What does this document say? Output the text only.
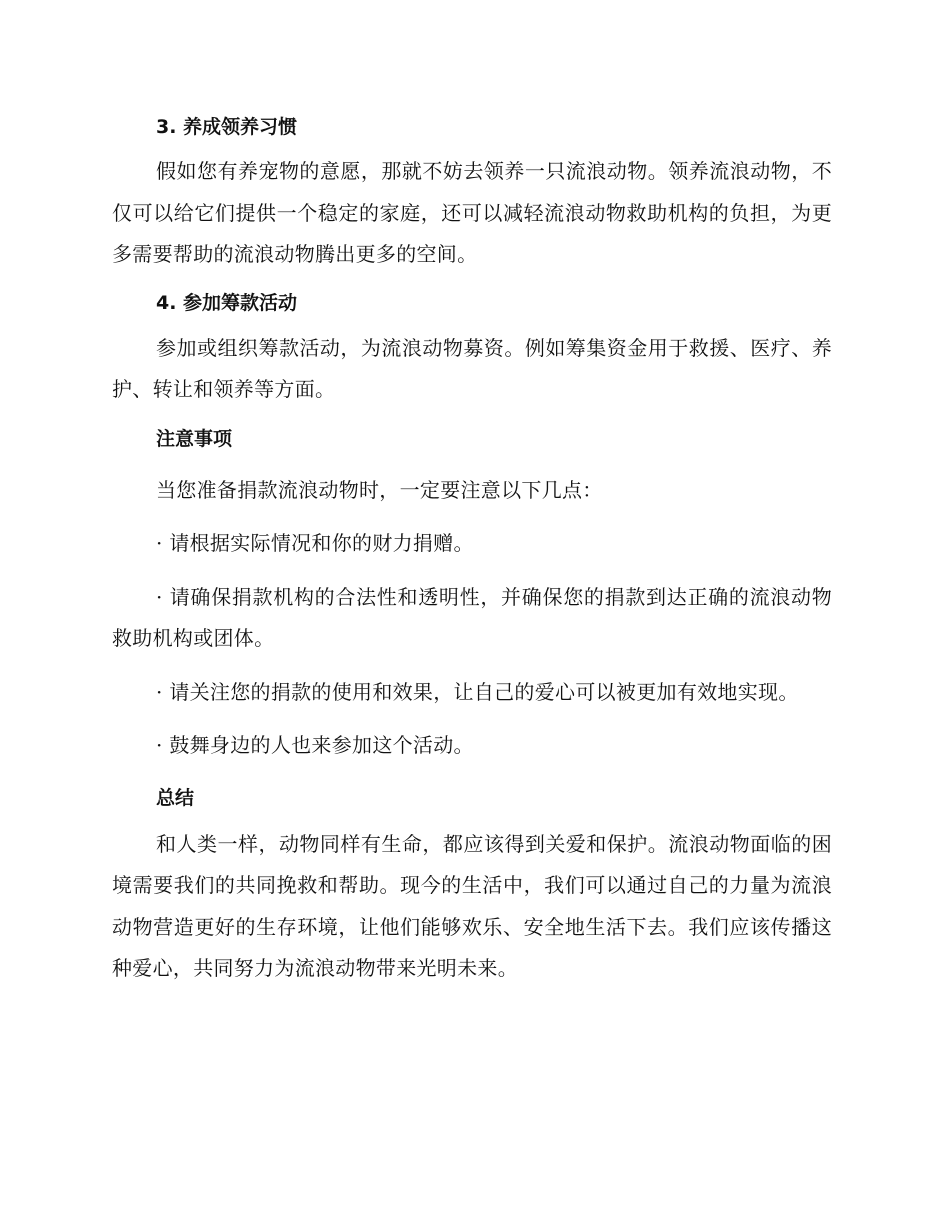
3. 养成领养习惯

假如您有养宠物的意愿，那就不妨去领养一只流浪动物。领养流浪动物，不仅可以给它们提供一个稳定的家庭，还可以减轻流浪动物救助机构的负担，为更多需要帮助的流浪动物腾出更多的空间。

4. 参加筹款活动

参加或组织筹款活动，为流浪动物募资。例如筹集资金用于救援、医疗、养护、转让和领养等方面。

注意事项

当您准备捐款流浪动物时，一定要注意以下几点：

· 请根据实际情况和你的财力捐赠。

· 请确保捐款机构的合法性和透明性，并确保您的捐款到达正确的流浪动物救助机构或团体。

· 请关注您的捐款的使用和效果，让自己的爱心可以被更加有效地实现。

· 鼓舞身边的人也来参加这个活动。

总结

和人类一样，动物同样有生命，都应该得到关爱和保护。流浪动物面临的困境需要我们的共同挽救和帮助。现今的生活中，我们可以通过自己的力量为流浪动物营造更好的生存环境，让他们能够欢乐、安全地生活下去。我们应该传播这种爱心，共同努力为流浪动物带来光明未来。
